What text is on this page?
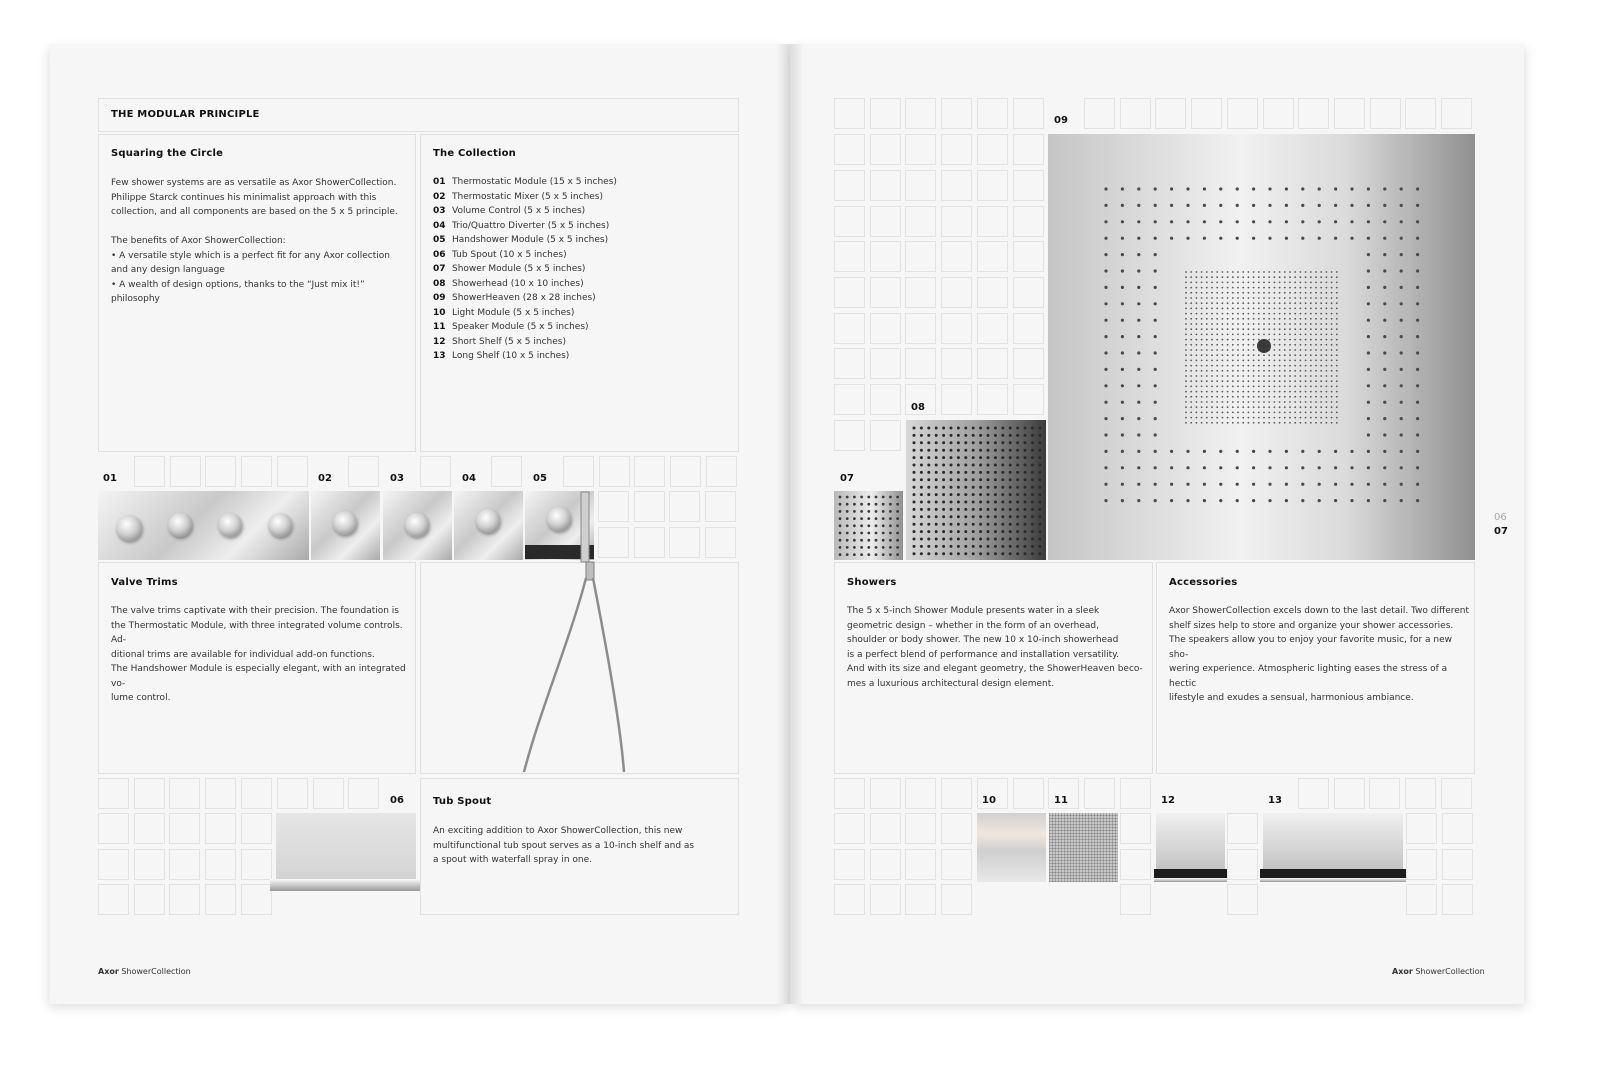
THE MODULAR PRINCIPLE
Squaring the Circle
Few shower systems are as versatile as Axor ShowerCollection.
Philippe Starck continues his minimalist approach with this
collection, and all components are based on the 5 x 5 principle.

The benefits of Axor ShowerCollection:
• A versatile style which is a perfect fit for any Axor collection
and any design language
• A wealth of design options, thanks to the “Just mix it!” philosophy
The Collection
01 Thermostatic Module (15 x 5 inches)
02 Thermostatic Mixer (5 x 5 inches)
03 Volume Control (5 x 5 inches)
04 Trio/Quattro Diverter (5 x 5 inches)
05 Handshower Module (5 x 5 inches)
06 Tub Spout (10 x 5 inches)
07 Shower Module (5 x 5 inches)
08 Showerhead (10 x 10 inches)
09 ShowerHeaven (28 x 28 inches)
10 Light Module (5 x 5 inches)
11 Speaker Module (5 x 5 inches)
12 Short Shelf (5 x 5 inches)
13 Long Shelf (10 x 5 inches)
01	02	03	04	05
Valve Trims
The valve trims captivate with their precision. The foundation is
the Thermostatic Module, with three integrated volume controls. Ad-
ditional trims are available for individual add-on functions.
The Handshower Module is especially elegant, with an integrated vo-
lume control.
06	Tub Spout
An exciting addition to Axor ShowerCollection, this new
multifunctional tub spout serves as a 10-inch shelf and as
a spout with waterfall spray in one.
Axor ShowerCollection
09
08
07
Showers
The 5 x 5-inch Shower Module presents water in a sleek
geometric design – whether in the form of an overhead,
shoulder or body shower. The new 10 x 10-inch showerhead
is a perfect blend of performance and installation versatility.
And with its size and elegant geometry, the ShowerHeaven beco-
mes a luxurious architectural design element.
Accessories
Axor ShowerCollection excels down to the last detail. Two different
shelf sizes help to store and organize your shower accessories.
The speakers allow you to enjoy your favorite music, for a new sho-
wering experience. Atmospheric lighting eases the stress of a hectic
lifestyle and exudes a sensual, harmonious ambiance.
10	11	12	13
06
07
Axor ShowerCollection
